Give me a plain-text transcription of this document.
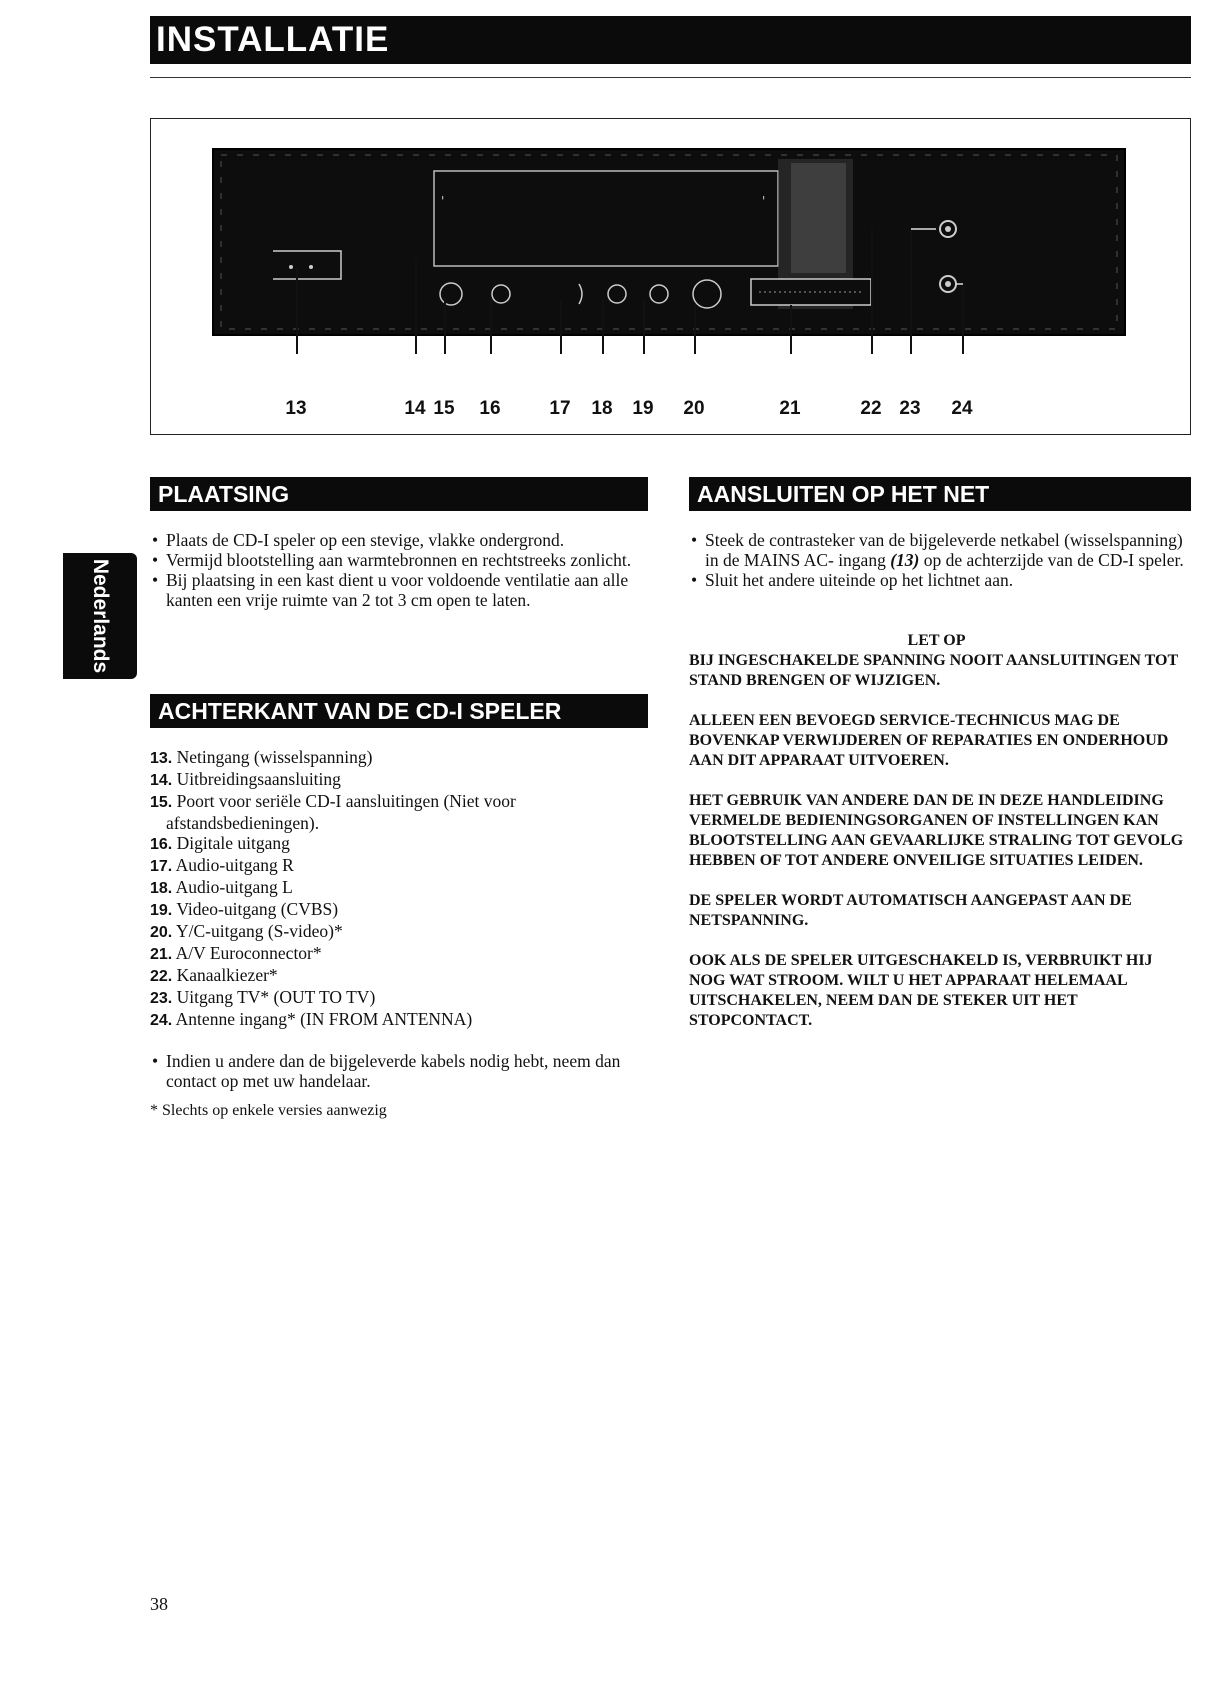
INSTALLATIE
'	'
13	14 15 16	17 18 19 20	21	22 23 24
Nederlands
PLAATSING
• Plaats de CD-I speler op een stevige, vlakke ondergrond.
• Vermijd blootstelling aan warmtebronnen en rechtstreeks zonlicht.
• Bij plaatsing in een kast dient u voor voldoende ventilatie aan alle kanten een vrije ruimte van 2 tot 3 cm open te laten.
ACHTERKANT VAN DE CD-I SPELER
13. Netingang (wisselspanning)
14. Uitbreidingsaansluiting
15. Poort voor seriële CD-I aansluitingen (Niet voor
afstandsbedieningen).
16. Digitale uitgang
17. Audio-uitgang R
18. Audio-uitgang L
19. Video-uitgang (CVBS)
20. Y/C-uitgang (S-video)*
21. A/V Euroconnector*
22. Kanaalkiezer*
23. Uitgang TV* (OUT TO TV)
24. Antenne ingang* (IN FROM ANTENNA)
• Indien u andere dan de bijgeleverde kabels nodig hebt, neem dan contact op met uw handelaar.
* Slechts op enkele versies aanwezig
AANSLUITEN OP HET NET
• Steek de contrasteker van de bijgeleverde netkabel (wisselspanning) in de MAINS AC- ingang (13) op de achterzijde van de CD-I speler.
• Sluit het andere uiteinde op het lichtnet aan.

LET OP

BIJ INGESCHAKELDE SPANNING NOOIT AANSLUITINGEN TOT STAND BRENGEN OF WIJZIGEN.

ALLEEN EEN BEVOEGD SERVICE-TECHNICUS MAG DE BOVENKAP VERWIJDEREN OF REPARATIES EN ONDERHOUD AAN DIT APPARAAT UITVOEREN.

HET GEBRUIK VAN ANDERE DAN DE IN DEZE HANDLEIDING VERMELDE BEDIENINGSORGANEN OF INSTELLINGEN KAN BLOOTSTELLING AAN GEVAARLIJKE STRALING TOT GEVOLG HEBBEN OF TOT ANDERE ONVEILIGE SITUATIES LEIDEN.

DE SPELER WORDT AUTOMATISCH AANGEPAST AAN DE NETSPANNING.

OOK ALS DE SPELER UITGESCHAKELD IS, VERBRUIKT HIJ NOG WAT STROOM. WILT U HET APPARAAT HELEMAAL UITSCHAKELEN, NEEM DAN DE STEKER UIT HET STOPCONTACT.

38
